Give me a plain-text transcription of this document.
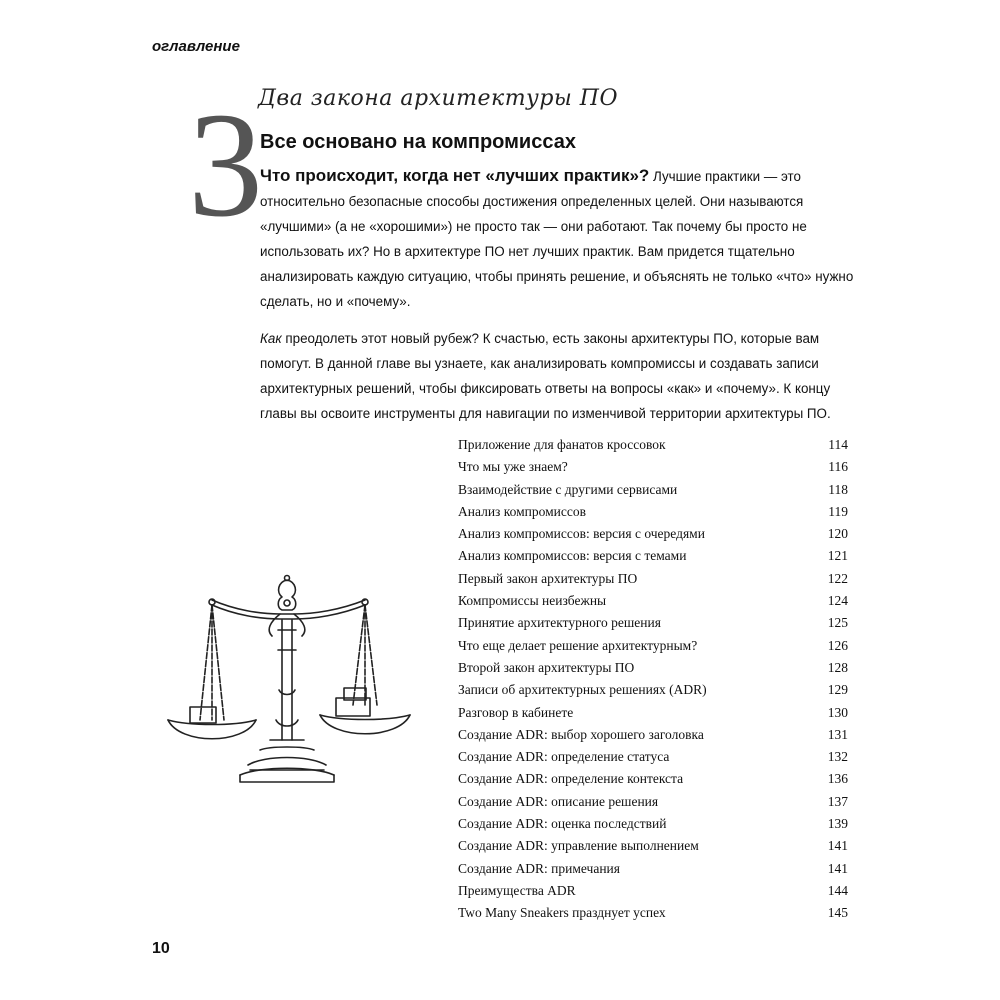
оглавление
3
Два закона архитектуры ПО
Все основано на компромиссах

Что происходит, когда нет «лучших практик»? Лучшие практики — это относительно безопасные способы достижения определенных целей. Они называются «лучшими» (а не «хорошими») не просто так — они работают. Так почему бы просто не использовать их? Но в архитектуре ПО нет лучших практик. Вам придется тщательно анализировать каждую ситуацию, чтобы принять решение, и объяснять не только «что» нужно сделать, но и «почему».

Как преодолеть этот новый рубеж? К счастью, есть законы архитектуры ПО, которые вам помогут. В данной главе вы узнаете, как анализировать компромиссы и создавать записи архитектурных решений, чтобы фиксировать ответы на вопросы «как» и «почему». К концу главы вы освоите инструменты для навигации по изменчивой территории архитектуры ПО.

Приложение для фанатов кроссовок	114
Что мы уже знаем?	116
Взаимодействие с другими сервисами	118
Анализ компромиссов	119
Анализ компромиссов: версия с очередями	120
Анализ компромиссов: версия с темами	121
Первый закон архитектуры ПО	122
Компромиссы неизбежны	124
Принятие архитектурного решения	125
Что еще делает решение архитектурным?	126
Второй закон архитектуры ПО	128
Записи об архитектурных решениях (ADR)	129
Разговор в кабинете	130
Создание ADR: выбор хорошего заголовка	131
Создание ADR: определение статуса	132
Создание ADR: определение контекста	136
Создание ADR: описание решения	137
Создание ADR: оценка последствий	139
Создание ADR: управление выполнением	141
Создание ADR: примечания	141
Преимущества ADR	144
Two Many Sneakers празднует успех	145
10
